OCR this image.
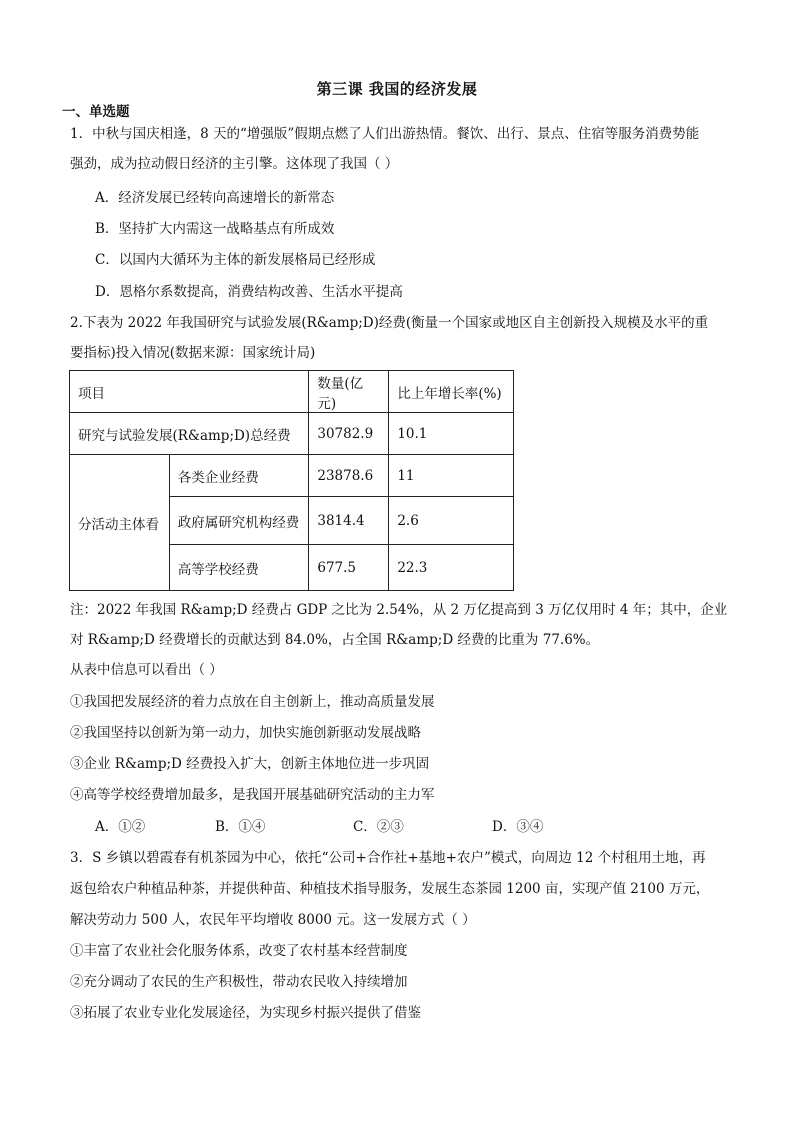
第三课 我国的经济发展
一、单选题
1．中秋与国庆相逢，8 天的“增强版”假期点燃了人们出游热情。餐饮、出行、景点、住宿等服务消费势能
强劲，成为拉动假日经济的主引擎。这体现了我国（ ）
A．经济发展已经转向高速增长的新常态
B．坚持扩大内需这一战略基点有所成效
C．以国内大循环为主体的新发展格局已经形成
D．恩格尔系数提高，消费结构改善、生活水平提高
2.下表为 2022 年我国研究与试验发展(R&amp;D)经费(衡量一个国家或地区自主创新投入规模及水平的重
要指标)投入情况(数据来源：国家统计局)
项目		数量(亿元)	比上年增长率(%)
研究与试验发展(R&amp;D)总经费		30782.9	10.1
分活动主体看	各类企业经费	23878.6	11
	政府属研究机构经费	3814.4	2.6
	高等学校经费	677.5	22.3
注：2022 年我国 R&amp;D 经费占 GDP 之比为 2.54%，从 2 万亿提高到 3 万亿仅用时 4 年；其中，企业
对 R&amp;D 经费增长的贡献达到 84.0%，占全国 R&amp;D 经费的比重为 77.6%。
从表中信息可以看出（ ）
①我国把发展经济的着力点放在自主创新上，推动高质量发展
②我国坚持以创新为第一动力，加快实施创新驱动发展战略
③企业 R&amp;D 经费投入扩大，创新主体地位进一步巩固
④高等学校经费增加最多，是我国开展基础研究活动的主力军
A．①②	B．①④	C．②③	D．③④
3．S 乡镇以碧霞春有机茶园为中心，依托“公司+合作社+基地+农户”模式，向周边 12 个村租用土地，再
返包给农户种植品种茶，并提供种苗、种植技术指导服务，发展生态茶园 1200 亩，实现产值 2100 万元，
解决劳动力 500 人，农民年平均增收 8000 元。这一发展方式（ ）
①丰富了农业社会化服务体系，改变了农村基本经营制度
②充分调动了农民的生产积极性，带动农民收入持续增加
③拓展了农业专业化发展途径，为实现乡村振兴提供了借鉴
